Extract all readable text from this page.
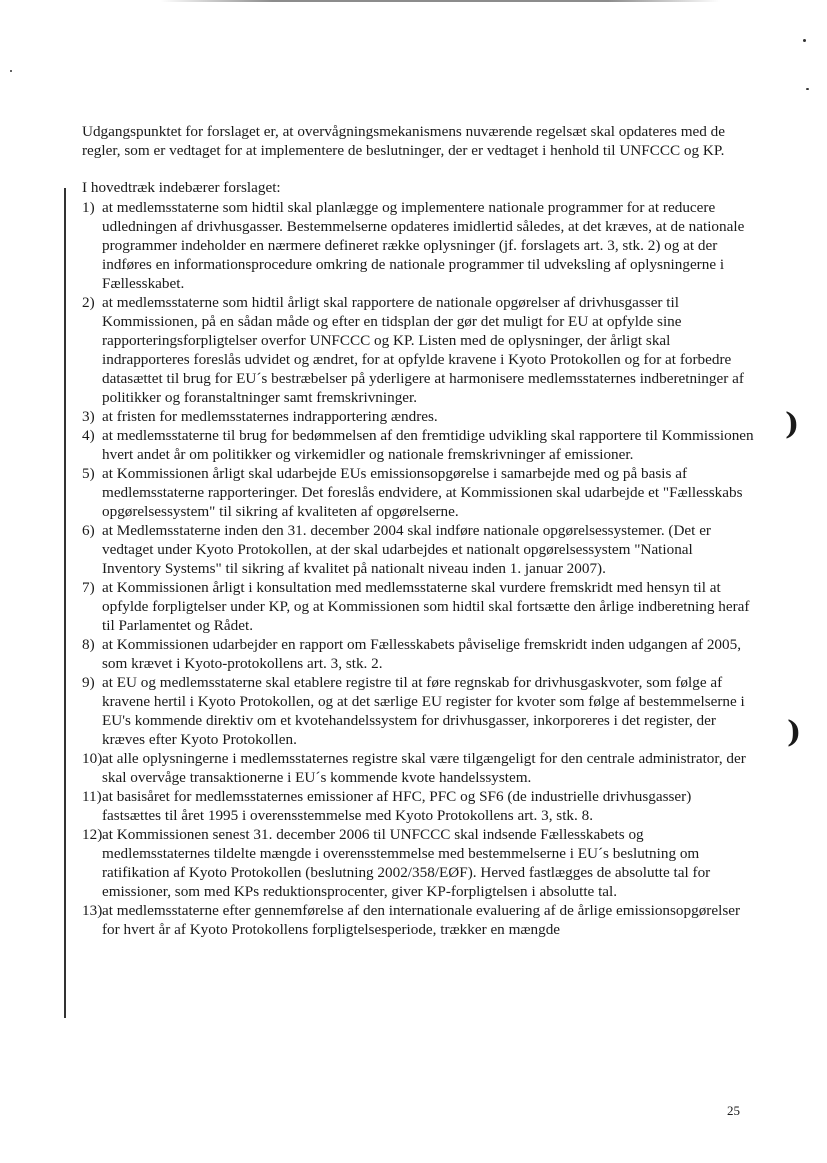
Udgangspunktet for forslaget er, at overvågningsmekanismens nuværende regelsæt skal opdateres med de regler, som er vedtaget for at implementere de beslutninger, der er vedtaget i henhold til UNFCCC og KP.

I hovedtræk indebærer forslaget:

1) at medlemsstaterne som hidtil skal planlægge og implementere nationale programmer for at reducere udledningen af drivhusgasser. Bestemmelserne opdateres imidlertid således, at det kræves, at de nationale programmer indeholder en nærmere defineret række oplysninger (jf. forslagets art. 3, stk. 2) og at der indføres en informationsprocedure omkring de nationale programmer til udveksling af oplysningerne i Fællesskabet.
2) at medlemsstaterne som hidtil årligt skal rapportere de nationale opgørelser af drivhusgasser til Kommissionen, på en sådan måde og efter en tidsplan der gør det muligt for EU at opfylde sine rapporteringsforpligtelser overfor UNFCCC og KP. Listen med de oplysninger, der årligt skal indrapporteres foreslås udvidet og ændret, for at opfylde kravene i Kyoto Protokollen og for at forbedre datasættet til brug for EU´s bestræbelser på yderligere at harmonisere medlemsstaternes indberetninger af politikker og foranstaltninger samt fremskrivninger.
3) at fristen for medlemsstaternes indrapportering ændres.
4) at medlemsstaterne til brug for bedømmelsen af den fremtidige udvikling skal rapportere til Kommissionen hvert andet år om politikker og virkemidler og nationale fremskrivninger af emissioner.
5) at Kommissionen årligt skal udarbejde EUs emissionsopgørelse i samarbejde med og på basis af medlemsstaterne rapporteringer. Det foreslås endvidere, at Kommissionen skal udarbejde et "Fællesskabs opgørelsessystem" til sikring af kvaliteten af opgørelserne.
6) at Medlemsstaterne inden den 31. december 2004 skal indføre nationale opgørelsessystemer. (Det er vedtaget under Kyoto Protokollen, at der skal udarbejdes et nationalt opgørelsessystem "National Inventory Systems" til sikring af kvalitet på nationalt niveau inden 1. januar 2007).
7) at Kommissionen årligt i konsultation med medlemsstaterne skal vurdere fremskridt med hensyn til at opfylde forpligtelser under KP, og at Kommissionen som hidtil skal fortsætte den årlige indberetning heraf til Parlamentet og Rådet.
8) at Kommissionen udarbejder en rapport om Fællesskabets påviselige fremskridt inden udgangen af 2005, som krævet i Kyoto-protokollens art. 3, stk. 2.
9) at EU og medlemsstaterne skal etablere registre til at føre regnskab for drivhusgaskvoter, som følge af kravene hertil i Kyoto Protokollen, og at det særlige EU register for kvoter som følge af bestemmelserne i EU's kommende direktiv om et kvotehandelssystem for drivhusgasser, inkorporeres i det register, der kræves efter Kyoto Protokollen.
10) at alle oplysningerne i medlemsstaternes registre skal være tilgængeligt for den centrale administrator, der skal overvåge transaktionerne i EU´s kommende kvote handelssystem.
11) at basisåret for medlemsstaternes emissioner af HFC, PFC og SF6 (de industrielle drivhusgasser) fastsættes til året 1995 i overensstemmelse med Kyoto Protokollens art. 3, stk. 8.
12) at Kommissionen senest 31. december 2006 til UNFCCC skal indsende Fællesskabets og medlemsstaternes tildelte mængde i overensstemmelse med bestemmelserne i EU´s beslutning om ratifikation af Kyoto Protokollen (beslutning 2002/358/EØF). Herved fastlægges de absolutte tal for emissioner, som med KPs reduktionsprocenter, giver KP-forpligtelsen i absolutte tal.
13) at medlemsstaterne efter gennemførelse af den internationale evaluering af de årlige emissionsopgørelser for hvert år af Kyoto Protokollens forpligtelsesperiode, trækker en mængde
)
)
25
